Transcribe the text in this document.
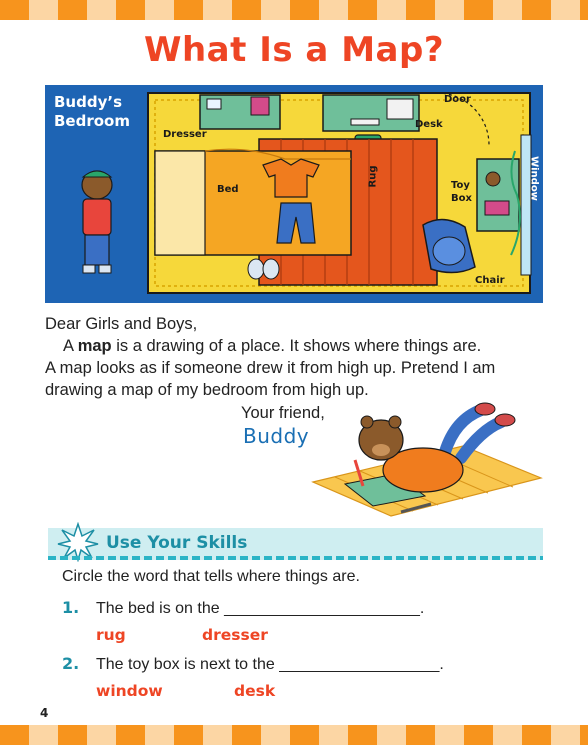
What Is a Map?
Buddy’s
Bedroom
Dresser
Bed
Rug
Door
Desk
Toy
Box
Chair
Window

Dear Girls and Boys,

A map is a drawing of a place. It shows where things are.

A map looks as if someone drew it from high up. Pretend I am

drawing a map of my bedroom from high up.

Your friend,
Buddy
Use Your Skills
Circle the word that tells where things are.
1. The bed is on the ______________________.
rug	dresser
2. The toy box is next to the __________________.
window	desk
4
